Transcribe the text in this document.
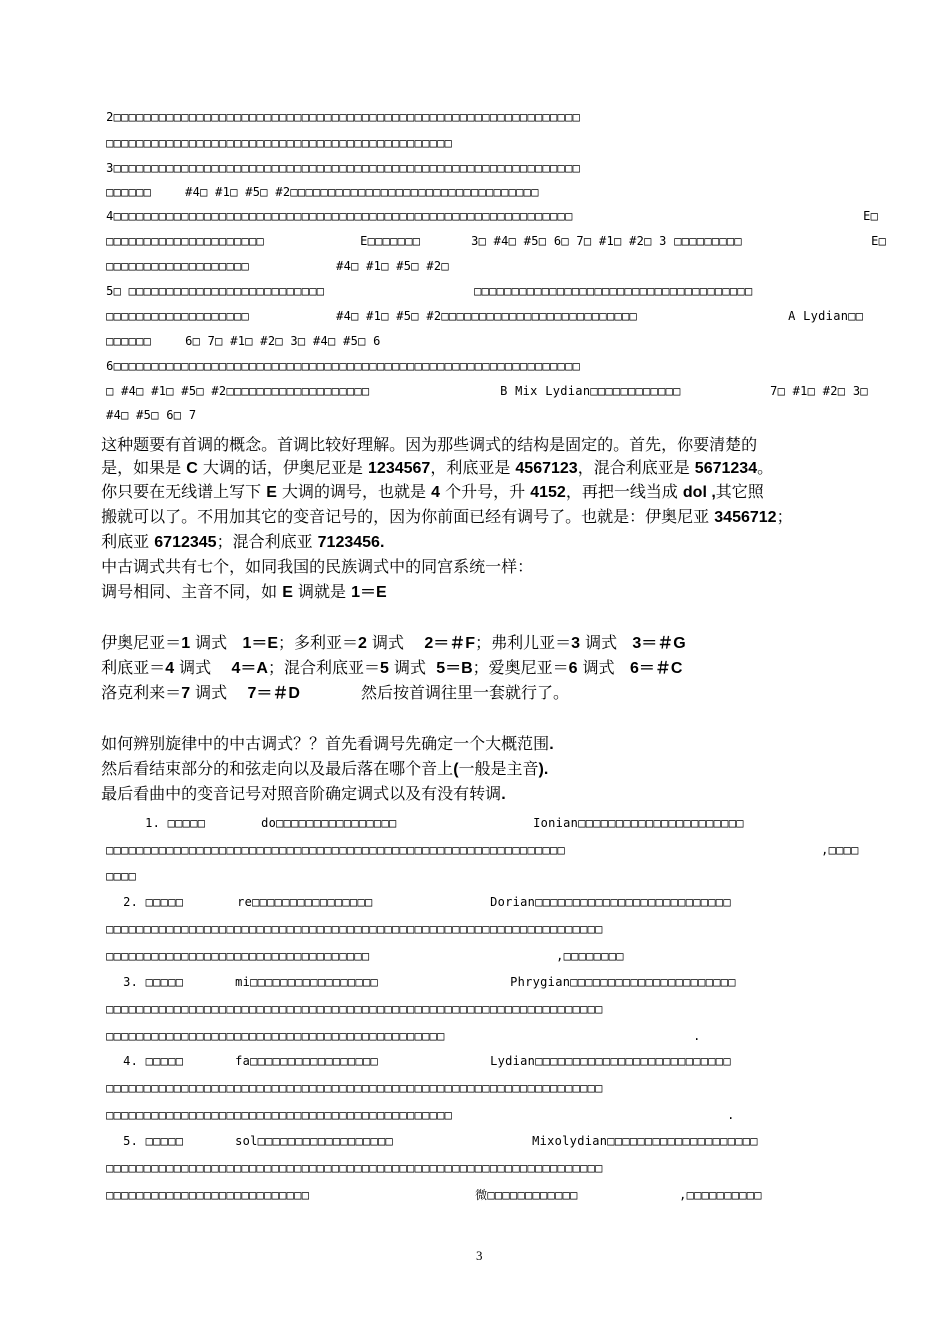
2□□□□□□□□□□□□□□□□□□□□□□□□□□□□□□□□□□□□□□□□□□□□□□□□□□□□□□□□□□□□□□

□□□□□□□□□□□□□□□□□□□□□□□□□□□□□□□□□□□□□□□□□□□□□□

3□□□□□□□□□□□□□□□□□□□□□□□□□□□□□□□□□□□□□□□□□□□□□□□□□□□□□□□□□□□□□□

□□□□□□	#4□ #1□ #5□ #2□□□□□□□□□□□□□□□□□□□□□□□□□□□□□□□□□

4□□□□□□□□□□□□□□□□□□□□□□□□□□□□□□□□□□□□□□□□□□□□□□□□□□□□□□□□□□□□□	E□

□□□□□□□□□□□□□□□□□□□□□	E□□□□□□□	3□ #4□ #5□ 6□ 7□ #1□ #2□ 3 □□□□□□□□□	E□

□□□□□□□□□□□□□□□□□□□	#4□ #1□ #5□ #2□

5□ □□□□□□□□□□□□□□□□□□□□□□□□□□	□□□□□□□□□□□□□□□□□□□□□□□□□□□□□□□□□□□□□

□□□□□□□□□□□□□□□□□□□	#4□ #1□ #5□ #2□□□□□□□□□□□□□□□□□□□□□□□□□□	A Lydian□□

□□□□□□	6□ 7□ #1□ #2□ 3□ #4□ #5□ 6

6□□□□□□□□□□□□□□□□□□□□□□□□□□□□□□□□□□□□□□□□□□□□□□□□□□□□□□□□□□□□□□

□ #4□ #1□ #5□ #2□□□□□□□□□□□□□□□□□□□	B Mix Lydian□□□□□□□□□□□□	7□ #1□ #2□ 3□

#4□ #5□ 6□ 7

这种题要有首调的概念。首调比较好理解。因为那些调式的结构是固定的。首先，你要清楚的

是，如果是 C 大调的话，伊奥尼亚是 1234567，利底亚是 4567123，混合利底亚是 5671234。

你只要在无线谱上写下 E 大调的调号，也就是 4 个升号，升 4152，再把一线当成 dol ,其它照

搬就可以了。不用加其它的变音记号的，因为你前面已经有调号了。也就是：伊奥尼亚 3456712；

利底亚 6712345；混合利底亚 7123456.

中古调式共有七个，如同我国的民族调式中的同宫系统一样：

调号相同、主音不同，如 E 调就是 1＝E

伊奥尼亚＝1 调式   1＝E；多利亚＝2 调式    2＝＃F；弗利儿亚＝3 调式   3＝＃G

利底亚＝4 调式    4＝A；混合利底亚＝5 调式  5＝B；爱奥尼亚＝6 调式   6＝＃C

洛克利来＝7 调式    7＝＃D            然后按首调往里一套就行了。

如何辨别旋律中的中古调式？？首先看调号先确定一个大概范围.

然后看结束部分的和弦走向以及最后落在哪个音上(一般是主音).

最后看曲中的变音记号对照音阶确定调式以及有没有转调.

1. □□□□□	do□□□□□□□□□□□□□□□□	Ionian□□□□□□□□□□□□□□□□□□□□□□

□□□□□□□□□□□□□□□□□□□□□□□□□□□□□□□□□□□□□□□□□□□□□□□□□□□□□□□□□□□□□	,□□□□

□□□□

2. □□□□□	re□□□□□□□□□□□□□□□□	Dorian□□□□□□□□□□□□□□□□□□□□□□□□□□

□□□□□□□□□□□□□□□□□□□□□□□□□□□□□□□□□□□□□□□□□□□□□□□□□□□□□□□□□□□□□□□□□□

□□□□□□□□□□□□□□□□□□□□□□□□□□□□□□□□□□□	,□□□□□□□□

3. □□□□□	mi□□□□□□□□□□□□□□□□□	Phrygian□□□□□□□□□□□□□□□□□□□□□□

□□□□□□□□□□□□□□□□□□□□□□□□□□□□□□□□□□□□□□□□□□□□□□□□□□□□□□□□□□□□□□□□□□

□□□□□□□□□□□□□□□□□□□□□□□□□□□□□□□□□□□□□□□□□□□□□	.

4. □□□□□	fa□□□□□□□□□□□□□□□□□	Lydian□□□□□□□□□□□□□□□□□□□□□□□□□□

□□□□□□□□□□□□□□□□□□□□□□□□□□□□□□□□□□□□□□□□□□□□□□□□□□□□□□□□□□□□□□□□□□

□□□□□□□□□□□□□□□□□□□□□□□□□□□□□□□□□□□□□□□□□□□□□□	.

5. □□□□□	sol□□□□□□□□□□□□□□□□□□	Mixolydian□□□□□□□□□□□□□□□□□□□□

□□□□□□□□□□□□□□□□□□□□□□□□□□□□□□□□□□□□□□□□□□□□□□□□□□□□□□□□□□□□□□□□□□

□□□□□□□□□□□□□□□□□□□□□□□□□□□	微□□□□□□□□□□□□	,□□□□□□□□□□

3
